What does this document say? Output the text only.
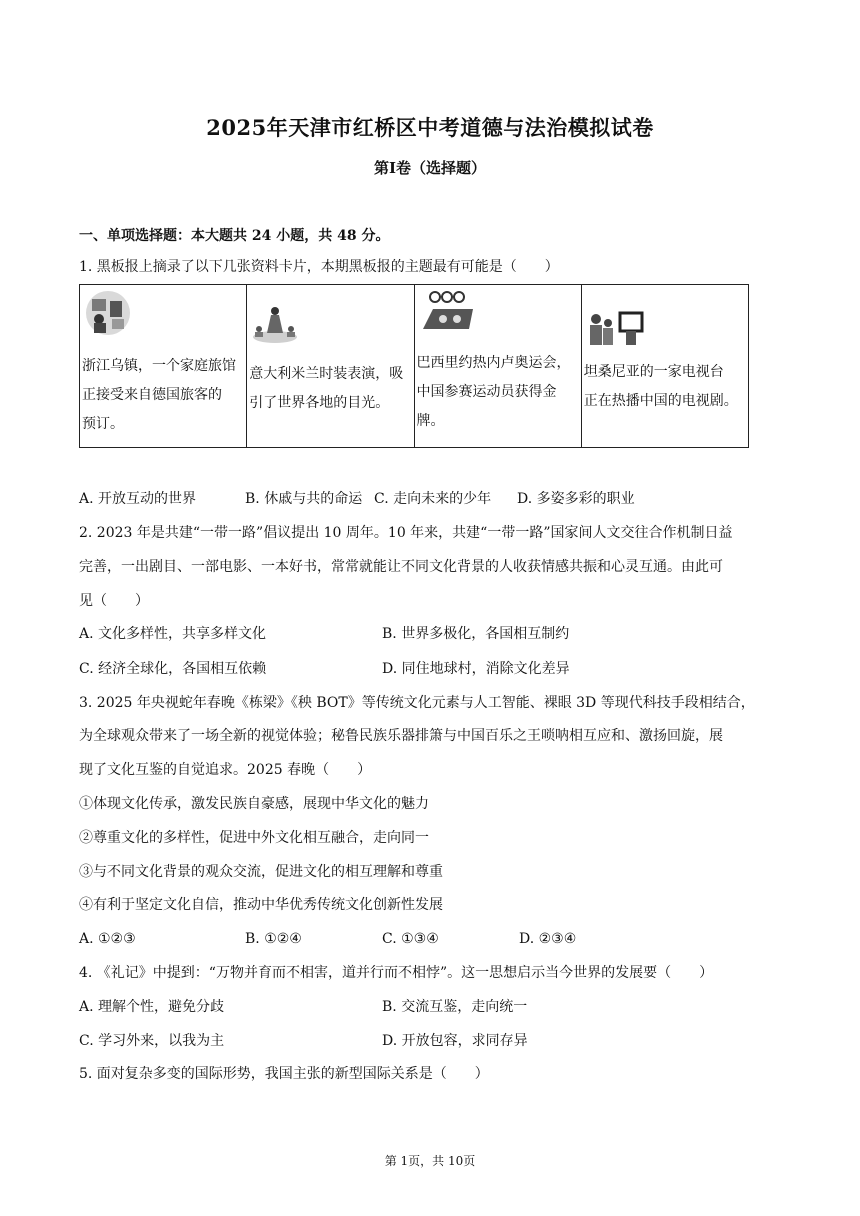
2025年天津市红桥区中考道德与法治模拟试卷
第Ⅰ卷（选择题）
一、单项选择题：本大题共 24 小题，共 48 分。
1. 黑板报上摘录了以下几张资料卡片，本期黑板报的主题最有可能是（　　）
浙江乌镇，一个家庭旅馆
正接受来自德国旅客的
预订。

意大利米兰时装表演，吸
引了世界各地的目光。

巴西里约热内卢奥运会，
中国参赛运动员获得金
牌。

坦桑尼亚的一家电视台
正在热播中国的电视剧。
A. 开放互动的世界	B. 休戚与共的命运 C. 走向未来的少年 D. 多姿多彩的职业
2. 2023 年是共建“一带一路”倡议提出 10 周年。10 年来，共建“一带一路”国家间人文交往合作机制日益
完善，一出剧目、一部电影、一本好书，常常就能让不同文化背景的人收获情感共振和心灵互通。由此可
见（　　）
A. 文化多样性，共享多样文化	B. 世界多极化，各国相互制约
C. 经济全球化，各国相互依赖	D. 同住地球村，消除文化差异
3. 2025 年央视蛇年春晚《栋梁》《秧 BOT》等传统文化元素与人工智能、裸眼 3D 等现代科技手段相结合，
为全球观众带来了一场全新的视觉体验；秘鲁民族乐器排箫与中国百乐之王唢呐相互应和、激扬回旋，展
现了文化互鉴的自觉追求。2025 春晚（　　）
①体现文化传承，激发民族自豪感，展现中华文化的魅力
②尊重文化的多样性，促进中外文化相互融合，走向同一
③与不同文化背景的观众交流，促进文化的相互理解和尊重
④有利于坚定文化自信，推动中华优秀传统文化创新性发展
A. ①②③	B. ①②④	C. ①③④	D. ②③④
4. 《礼记》中提到：“万物并育而不相害，道并行而不相悖”。这一思想启示当今世界的发展要（　　）
A. 理解个性，避免分歧	B. 交流互鉴，走向统一
C. 学习外来，以我为主	D. 开放包容，求同存异
5. 面对复杂多变的国际形势，我国主张的新型国际关系是（　　）
第 1页，共 10页
